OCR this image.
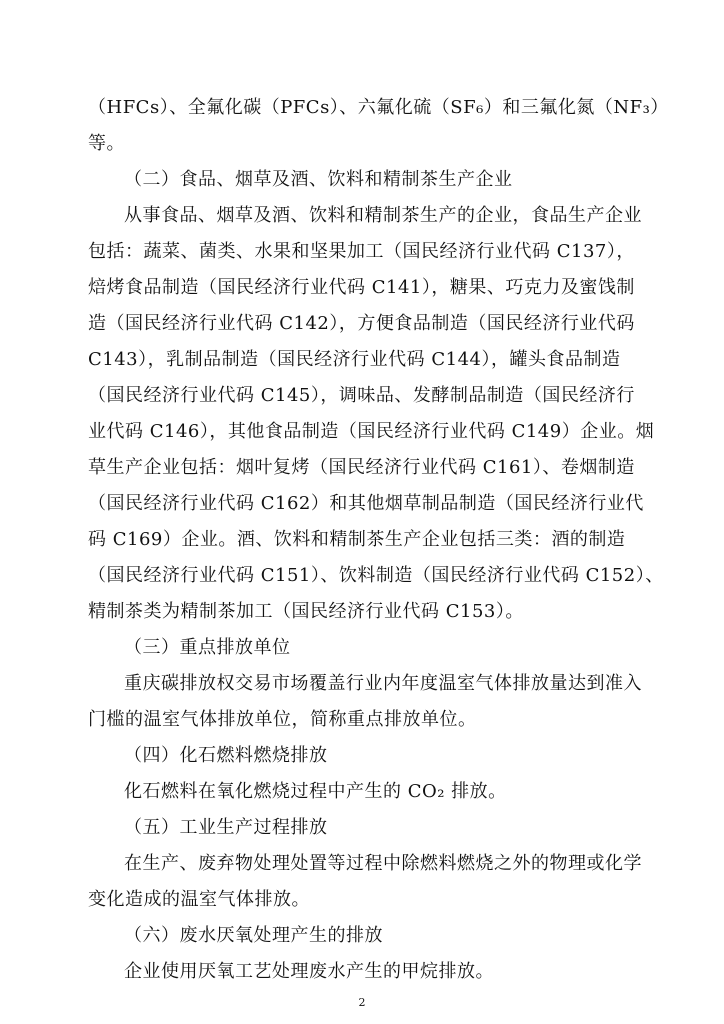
（HFCs）、全氟化碳（PFCs）、六氟化硫（SF₆）和三氟化氮（NF₃）
等。
（二）食品、烟草及酒、饮料和精制茶生产企业
从事食品、烟草及酒、饮料和精制茶生产的企业，食品生产企业
包括：蔬菜、菌类、水果和坚果加工（国民经济行业代码 C137），
焙烤食品制造（国民经济行业代码 C141），糖果、巧克力及蜜饯制
造（国民经济行业代码 C142），方便食品制造（国民经济行业代码
C143），乳制品制造（国民经济行业代码 C144），罐头食品制造
（国民经济行业代码 C145），调味品、发酵制品制造（国民经济行
业代码 C146），其他食品制造（国民经济行业代码 C149）企业。烟
草生产企业包括：烟叶复烤（国民经济行业代码 C161）、卷烟制造
（国民经济行业代码 C162）和其他烟草制品制造（国民经济行业代
码 C169）企业。酒、饮料和精制茶生产企业包括三类：酒的制造
（国民经济行业代码 C151）、饮料制造（国民经济行业代码 C152）、
精制茶类为精制茶加工（国民经济行业代码 C153）。
（三）重点排放单位
重庆碳排放权交易市场覆盖行业内年度温室气体排放量达到准入
门槛的温室气体排放单位，简称重点排放单位。
（四）化石燃料燃烧排放
化石燃料在氧化燃烧过程中产生的 CO₂ 排放。
（五）工业生产过程排放
在生产、废弃物处理处置等过程中除燃料燃烧之外的物理或化学
变化造成的温室气体排放。
（六）废水厌氧处理产生的排放
企业使用厌氧工艺处理废水产生的甲烷排放。
2
